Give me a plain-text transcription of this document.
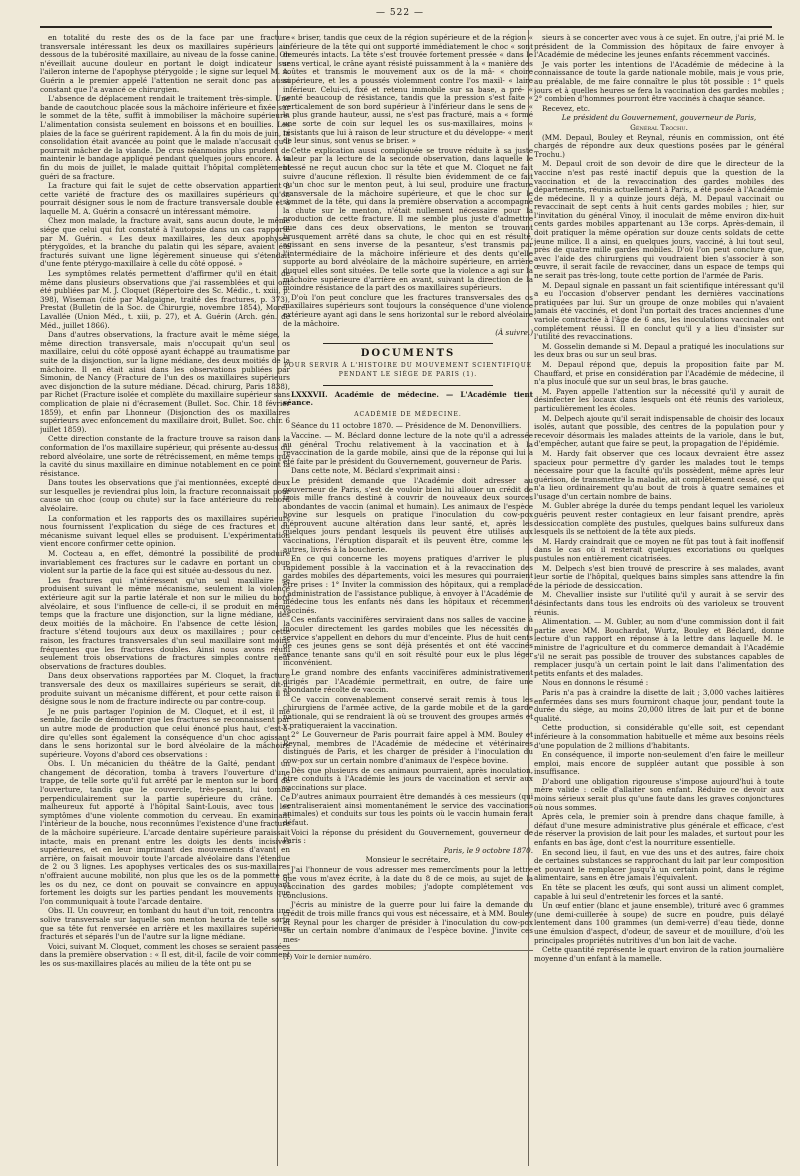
— 522 —

en totalité du reste des os de la face par une fracture transversale intéressant les deux os maxillaires supérieurs au-dessous de la tubérosité maxillaire, au niveau de la fosse canine. On n'éveillait aucune douleur en portant le doigt indicateur sur l'aileron interne de l'apophyse ptérygoïde ; le signe sur lequel M. A. Guérin a le premier appelé l'attention ne serait donc pas aussi constant que l'a avancé ce chirurgien.

L'absence de déplacement rendait le traitement très-simple. Une bande de caoutchouc placée sous la mâchoire inférieure et fixée sur le sommet de la tête, suffit à immobiliser la mâchoire supérieure. L'alimentation consista seulement en boissons et en bouillies. Les plaies de la face se guérirent rapidement. À la fin du mois de juin, la consolidation était avancée au point que le malade n'accusait qu'il pourrait mâcher de la viande. De crus néanmoins plus prudent de maintenir le bandage appliqué pendant quelques jours encore. À la fin du mois de juillet, le malade quittait l'hôpital complètement guéri de sa fracture.

La fracture qui fait le sujet de cette observation appartient à cette variété de fracture des os maxillaires supérieurs qu'on pourrait désigner sous le nom de fracture transversale double et à laquelle M. A. Guérin a consacré un intéressant mémoire.

Chez mon malade, la fracture avait, sans aucun doute, le même siége que celui qui fut constaté à l'autopsie dans un cas rapporté par M. Guérin. « Les deux maxillaires, les deux apophyses ptérygoïdes, et la branche du palatin qui les sépare, avaient été fracturés suivant une ligne légèrement sinueuse qui s'étendait d'une fente ptérygo-maxillaire à celle du côté opposé. »

Les symptômes relatés permettent d'affirmer qu'il en était de même dans plusieurs observations que j'ai rassemblées et qui ont été publiées par M. J. Cloquet (Répertoire des Sc. Médic., t. xxiii, p. 398), Wiseman (cité par Malgaigne, traité des fractures, p. 373), Prestat (Bulletin de la Soc. de Chirurgie, novembre 1854), Morel-Lavallée (Union Méd., t. xiii, p. 27), et A. Guérin (Arch. gén. de Méd., juillet 1866).

Dans d'autres observations, la fracture avait le même siége, la même direction transversale, mais n'occupait qu'un seul os maxillaire, celui du côté opposé ayant échappé au traumatisme par suite de la disjonction, sur la ligne médiane, des deux moitiés de la mâchoire. Il en était ainsi dans les observations publiées par Simonin, de Nancy (Fracture de l'un des os maxillaires supérieurs avec disjonction de la suture médiane. Décad. chirurg, Paris 1838), par Richet (Fracture isolée et complète du maxillaire supérieur sans complication de plaie ni d'écrasement (Bullet. Soc. Chir. 18 février 1859), et enfin par Lhonneur (Disjonction des os maxillaires supérieurs avec enfoncement du maxillaire droit, Bullet. Soc. chir. 6 juillet 1859).

Cette direction constante de la fracture trouve sa raison dans la conformation de l'os maxillaire supérieur, qui présente au-dessus du rebord alvéolaire, une sorte de rétrécissement, en même temps que la cavité du sinus maxillaire en diminue notablement en ce point la résistance.

Dans toutes les observations que j'ai mentionnées, excepté deux sur lesquelles je reviendrai plus loin, la fracture reconnaissait pour cause un choc (coup ou chute) sur la face antérieure du rebord alvéolaire.

La conformation et les rapports des os maxillaires supérieurs nous fournissent l'explication du siége de ces fractures et du mécanisme suivant lequel elles se produisent. L'expérimentation vient encore confirmer cette opinion.

M. Cocteau a, en effet, démontré la possibilité de produire invariablement ces fractures sur le cadavre en portant un coup violent sur la partie de la face qui est située au-dessous du nez.

Les fractures qui n'intéressent qu'un seul maxillaire se produisent suivant le même mécanisme, seulement la violence extérieure agit sur la partie latérale et non sur le milieu du bord alvéolaire, et sous l'influence de celle-ci, il se produit en même temps que la fracture une disjonction, sur la ligne médiane, des deux moitiés de la mâchoire. En l'absence de cette lésion, la fracture s'étend toujours aux deux os maxillaires ; pour cette raison, les fractures transversales d'un seul maxillaire sont moins fréquentes que les fractures doubles. Ainsi nous avons réuni seulement trois observations de fractures simples contre neuf observations de fractures doubles.

Dans deux observations rapportées par M. Cloquet, la fracture transversale des deux os maxillaires supérieurs se serait, dit-il, produite suivant un mécanisme différent, et pour cette raison il la désigne sous le nom de fracture indirecte ou par contre-coup.

Je ne puis partager l'opinion de M. Cloquet, et il est, il me semble, facile de démontrer que les fractures se reconnaissent par un autre mode de production que celui énoncé plus haut, c'est-à-dire qu'elles sont également la conséquence d'un choc agissant dans le sens horizontal sur le bord alvéolaire de la mâchoire supérieure. Voyons d'abord ces observations :

Obs. I. Un mécanicien du théâtre de la Gaîté, pendant un changement de décoration, tomba à travers l'ouverture d'une trappe, de telle sorte qu'il fut arrêté par le menton sur le bord de l'ouverture, tandis que le couvercle, très-pesant, lui tomba perpendiculairement sur la partie supérieure du crâne. Ce malheureux fut apporté à l'hôpital Saint-Louis, avec tous les symptômes d'une violente commotion du cerveau. En examinant l'intérieur de la bouche, nous reconnûmes l'existence d'une fracture de la mâchoire supérieure. L'arcade dentaire supérieure paraissait intacte, mais en prenant entre les doigts les dents incisives supérieures, et en leur imprimant des mouvements d'avant en arrière, on faisait mouvoir toute l'arcade alvéolaire dans l'étendue de 2 ou 3 lignes. Les apophyses verticales des os sus-maxillaires n'offraient aucune mobilité, non plus que les os de la pommette et les os du nez, ce dont on pouvait se convaincre en appuyant fortement les doigts sur les parties pendant les mouvements que l'on communiquait à toute l'arcade dentaire.

Obs. II. Un couvreur, en tombant du haut d'un toit, rencontra une solive transversale sur laquelle son menton heurta de telle sorte que sa tête fut renversée en arrière et les maxillaires supérieurs fracturés et séparés l'un de l'autre sur la ligne médiane.

Voici, suivant M. Cloquet, comment les choses se seraient passées dans la première observation : « Il est, dit-il, facile de voir comment les os sus-maxillaires placés au milieu de la tête ont pu se

« briser, tandis que ceux de la région supérieure et de la région « inférieure de la tête qui ont supporté immédiatement le choc « sont demeurés intacts. La tête s'est trouvée fortement pressée « dans le sens vertical, le crâne ayant résisté puissamment à la « manière des voûtes et transmis le mouvement aux os de la mâ- « choire supérieure, et les a poussés violemment contre l'os maxil- « laire inférieur. Celui-ci, fixé et retenu immobile sur sa base, a pré- « senté beaucoup de résistance, tandis que la pression s'est faite « verticalement de son bord supérieur à l'inférieur dans le sens de « la plus grande hauteur, aussi, ne s'est pas fracturé, mais a « formé une sorte de coin sur lequel les os sus-maxillaires, moins « résistants que lui à raison de leur structure et du développe- « ment de leur sinus, sont venus se briser. »

Cette explication aussi compliquée se trouve réduite à sa juste valeur par la lecture de la seconde observation, dans laquelle le blessé ne reçut aucun choc sur la tête et que M. Cloquet ne fait suivre d'aucune réflexion. Il résulte bien évidemment de ce fait qu'un choc sur le menton peut, à lui seul, produire une fracture transversale de la mâchoire supérieure, et que le choc sur le sommet de la tête, qui dans la première observation a accompagné la chute sur le menton, n'était nullement nécessaire pour la production de cette fracture. Il me semble plus juste d'admettre que dans ces deux observations, le menton se trouvant brusquement arrêté dans sa chute, le choc qui en est résulté, agissant en sens inverse de la pesanteur, s'est transmis par l'intermédiaire de la mâchoire inférieure et des dents qu'elle supporte au bord alvéolaire de la mâchoire supérieure, en arrière duquel elles sont situées. De telle sorte que la violence a agi sur la mâchoire supérieure d'arrière en avant, suivant la direction de la moindre résistance de la part des os maxillaires supérieurs.

D'où l'on peut conclure que les fractures transversales des os maxillaires supérieurs sont toujours la conséquence d'une violence extérieure ayant agi dans le sens horizontal sur le rebord alvéolaire de la mâchoire.

(À suivre.)

DOCUMENTS

POUR SERVIR À L'HISTOIRE DU MOUVEMENT SCIENTIFIQUE PENDANT LE SIÉGE DE PARIS (1).

LXXXVII. Académie de médecine. — L'Académie tient séance.

ACADÉMIE DE MÉDECINE.

Séance du 11 octobre 1870. — Présidence de M. Denonvilliers.

Vaccine. — M. Béclard donne lecture de la note qu'il a adressée au général Trochu relativement à la vaccination et à la revaccination de la garde mobile, ainsi que de la réponse qui lui a été faite par le président du Gouvernement, gouverneur de Paris.

Dans cette note, M. Béclard s'exprimait ainsi :

Le président demande que l'Académie doit adresser au gouverneur de Paris, s'est de vouloir bien lui allouer un crédit de trois mille francs destiné à couvrir de nouveaux deux sources abondantes de vaccin (animal et humain). Les animaux de l'espèce bovine sur lesquels on pratique l'inoculation du cow-pox n'éprouvent aucune altération dans leur santé, et, après les quelques jours pendant lesquels ils peuvent être utilisés aux vaccinations, l'éruption disparaît et ils peuvent être, comme les autres, livrés à la boucherie.

En ce qui concerne les moyens pratiques d'arriver le plus rapidement possible à la vaccination et à la revaccination des gardes mobiles des départements, voici les mesures qui pourraient être prises : 1° Inviter la commission des hôpitaux, qui a remplacé l'administration de l'assistance publique, à envoyer à l'Académie de médecine tous les enfants nés dans les hôpitaux et récemment vaccinés.

Ces enfants vaccinifères serviraient dans nos salles de vaccine à inoculer directement les gardes mobiles que les nécessités du service s'appellent en dehors du mur d'enceinte. Plus de huit cents de ces jeunes gens se sont déjà présentés et ont été vaccinés séance tenante sans qu'il en soit résulté pour eux le plus léger inconvénient.

Le grand nombre des enfants vaccinifères administrativement dirigés par l'Académie permettrait, en outre, de faire une abondante récolte de vaccin.

Ce vaccin convenablement conservé serait remis à tous les chirurgiens de l'armée active, de la garde mobile et de la garde nationale, qui se rendraient là où se trouvent des groupes armés et y pratiqueraient la vaccination.

2° Le Gouverneur de Paris pourrait faire appel à MM. Bouley et Reynal, membres de l'Académie de médecine et vétérinaires distingués de Paris, et les charger de présider à l'inoculation du cow-pox sur un certain nombre d'animaux de l'espèce bovine.

Dès que plusieurs de ces animaux pourraient, après inoculation, être conduits à l'Académie les jours de vaccination et servir aux vaccinations sur place.

D'autres animaux pourraient être demandés à ces messieurs (qui centraliseraient ainsi momentanément le service des vaccinations animales) et conduits sur tous les points où le vaccin humain ferait défaut.

Voici la réponse du président du Gouvernement, gouverneur de Paris :

Paris, le 9 octobre 1870.

Monsieur le secrétaire,

J'ai l'honneur de vous adresser mes remercîments pour la lettre que vous m'avez écrite, à la date du 8 de ce mois, au sujet de la vaccination des gardes mobiles; j'adopte complétement vos conclusions.

J'écris au ministre de la guerre pour lui faire la demande du crédit de trois mille francs qui vous est nécessaire, et à MM. Bouley et Reynal pour les charger de présider à l'inoculation du cow-pox sur un certain nombre d'animaux de l'espèce bovine. J'invite ces mes-

(1) Voir le dernier numéro.

sieurs à se concerter avec vous à ce sujet. En outre, j'ai prié M. le président de la Commission des hôpitaux de faire envoyer à l'Académie de médecine les jeunes enfants récemment vaccinés.

Je vais porter les intentions de l'Académie de médecine à la connaissance de toute la garde nationale mobile, mais je vous prie, au préalable, de me faire connaître le plus tôt possible : 1° quels jours et à quelles heures se fera la vaccination des gardes mobiles ; 2° combien d'hommes pourront être vaccinés à chaque séance.

Recevez, etc.

Le président du Gouvernement, gouverneur de Paris,

Général Trochu.

(MM. Depaul, Bouley et Reynal, réunis en commission, ont été chargés de répondre aux deux questions posées par le général Trochu.)

M. Depaul croit de son devoir de dire que le directeur de la vaccine n'est pas resté inactif depuis que la question de la vaccination et de la revaccination des gardes mobiles des départements, réunis actuellement à Paris, a été posée à l'Académie de médecine. Il y a quinze jours déjà, M. Depaul vaccinait ou revaccinait de sept cents à huit cents gardes mobiles ; hier, sur l'invitation du général Vinoy, il inoculait de même environ dix-huit cents gardes mobiles appartenant au 13e corps. Après-demain, il doit pratiquer la même opération sur douze cents soldats de cette jeune milice. Il a ainsi, en quelques jours, vacciné, à lui tout seul, près de quatre mille gardes mobiles. D'où l'on peut conclure que, avec l'aide des chirurgiens qui voudraient bien s'associer à son œuvre, il serait facile de revacciner, dans un espace de temps qui ne serait pas très-long, toute cette portion de l'armée de Paris.

M. Depaul signale en passant un fait scientifique intéressant qu'il a eu l'occasion d'observer pendant les dernières vaccinations pratiquées par lui. Sur un groupe de onze mobiles qui n'avaient jamais été vaccinés, et dont l'un portait des traces anciennes d'une variole contractée à l'âge de 6 ans, les inoculations vaccinales ont complétement réussi. Il en conclut qu'il y a lieu d'insister sur l'utilité des revaccinations.

M. Gosselin demande si M. Depaul a pratiqué les inoculations sur les deux bras ou sur un seul bras.

M. Depaul répond que, depuis la proposition faite par M. Chauffard, et prise en considération par l'Académie de médecine, il n'a plus inoculé que sur un seul bras, le bras gauche.

M. Payen appelle l'attention sur la nécessité qu'il y aurait de désinfecter les locaux dans lesquels ont été réunis des varioleux, particulièrement les écoles.

M. Delpech ajoute qu'il serait indispensable de choisir des locaux isolés, autant que possible, des centres de la population pour y recevoir désormais les malades atteints de la variole, dans le but, d'empêcher, autant que faire se peut, la propagation de l'épidémie.

M. Hardy fait observer que ces locaux devraient être assez spacieux pour permettre d'y garder les malades tout le temps nécessaire pour que la faculté qu'ils possèdent, même après leur guérison, de transmettre la maladie, ait complètement cessé, ce qui n'a lieu ordinairement qu'au bout de trois à quatre semaines et l'usage d'un certain nombre de bains.

M. Gubler abrége la durée du temps pendant lequel les varioleux guéris peuvent rester contagieux en leur faisant prendre, après dessiccation complète des pustules, quelques bains sulfureux dans lesquels ils se nettoient de la tête aux pieds.

M. Hardy craindrait que ce moyen ne fût pas tout à fait inoffensif dans le cas où il resterait quelques excoriations ou quelques pustules non entièrement cicatrisées.

M. Delpech s'est bien trouvé de prescrire à ses malades, avant leur sortie de l'hôpital, quelques bains simples sans attendre la fin de la période de dessiccation.

M. Chevallier insiste sur l'utilité qu'il y aurait à se servir des désinfectants dans tous les endroits où des varioleux se trouvent réunis.

Alimentation. — M. Gubler, au nom d'une commission dont il fait partie avec MM. Bouchardat, Wurtz, Bouley et Béclard, donne lecture d'un rapport en réponse à la lettre dans laquelle M. le ministre de l'agriculture et du commerce demandait à l'Académie s'il ne serait pas possible de trouver des substances capables de remplacer jusqu'à un certain point le lait dans l'alimentation des petits enfants et des malades.

Nous en donnons le résumé :

Paris n'a pas à craindre la disette de lait ; 3,000 vaches laitières enfermées dans ses murs fourniront chaque jour, pendant toute la durée du siége, au moins 20,000 litres de lait pur et de bonne qualité.

Cette production, si considérable qu'elle soit, est cependant inférieure à la consommation habituelle et même aux besoins réels d'une population de 2 millions d'habitants.

En conséquence, il importe non-seulement d'en faire le meilleur emploi, mais encore de suppléer autant que possible à son insuffisance.

D'abord une obligation rigoureuse s'impose aujourd'hui à toute mère valide : celle d'allaiter son enfant. Réduire ce devoir aux moins sérieux serait plus qu'une faute dans les graves conjonctures où nous sommes.

Après cela, le premier soin à prendre dans chaque famille, à défaut d'une mesure administrative plus générale et efficace, c'est de réserver la provision de lait pour les malades, et surtout pour les enfants en bas âge, dont c'est la nourriture essentielle.

En second lieu, il faut, en vue des uns et des autres, faire choix de certaines substances se rapprochant du lait par leur composition et pouvant le remplacer jusqu'à un certain point, dans le régime alimentaire, sans en être jamais l'équivalent.

En tête se placent les œufs, qui sont aussi un aliment complet, capable à lui seul d'entretenir les forces et la santé.

Un œuf entier (blanc et jaune ensemble), trituré avec 6 grammes (une demi-cuillerée à soupe) de sucre en poudre, puis délayé lentement dans 100 grammes (un demi-verre) d'eau tiède, donne une émulsion d'aspect, d'odeur, de saveur et de mouillure, d'où les principales propriétés nutritives d'un bon lait de vache.

Cette quantité représente le quart environ de la ration journalière moyenne d'un enfant à la mamelle.
